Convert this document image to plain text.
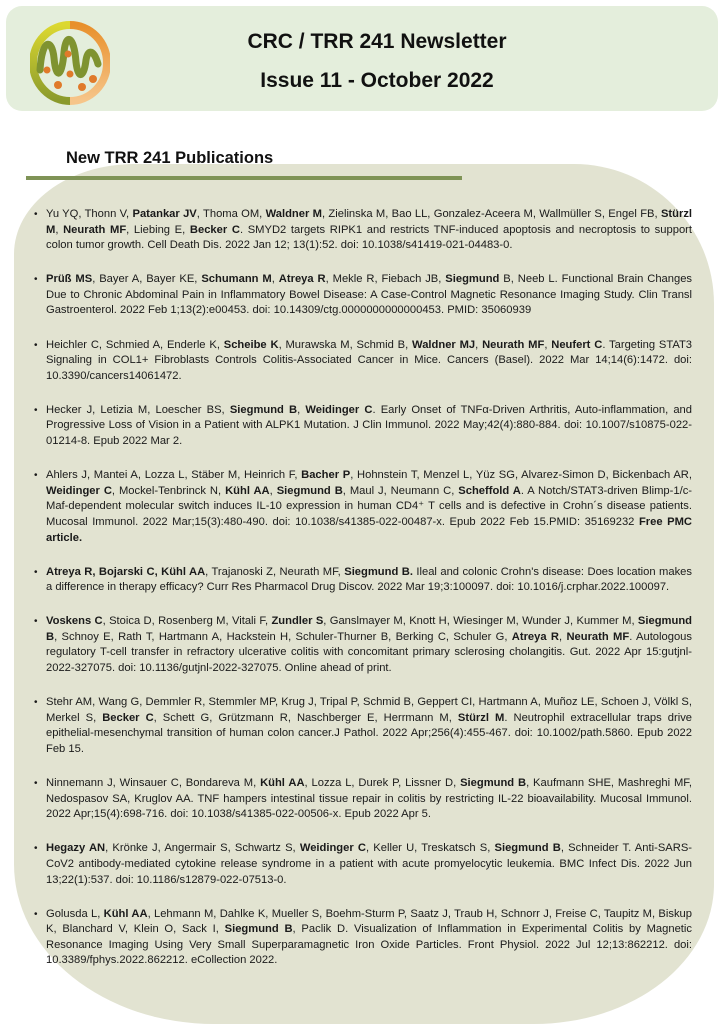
CRC / TRR 241 Newsletter
Issue 11 - October 2022
New TRR 241 Publications
• Yu YQ, Thonn V, Patankar JV, Thoma OM, Waldner M, Zielinska M, Bao LL, Gonzalez-Aceera M, Wallmüller S, Engel FB, Stürzl M, Neurath MF, Liebing E, Becker C. SMYD2 targets RIPK1 and restricts TNF-induced apoptosis and necroptosis to support colon tumor growth. Cell Death Dis. 2022 Jan 12; 13(1):52. doi: 10.1038/s41419-021-04483-0.
• Prüß MS, Bayer A, Bayer KE, Schumann M, Atreya R, Mekle R, Fiebach JB, Siegmund B, Neeb L. Functional Brain Changes Due to Chronic Abdominal Pain in Inflammatory Bowel Disease: A Case-Control Magnetic Resonance Imaging Study. Clin Transl Gastroenterol. 2022 Feb 1;13(2):e00453. doi: 10.14309/ctg.0000000000000453. PMID: 35060939
• Heichler C, Schmied A, Enderle K, Scheibe K, Murawska M, Schmid B, Waldner MJ, Neurath MF, Neufert C. Targeting STAT3 Signaling in COL1+ Fibroblasts Controls Colitis-Associated Cancer in Mice. Cancers (Basel). 2022 Mar 14;14(6):1472. doi: 10.3390/cancers14061472.
• Hecker J, Letizia M, Loescher BS, Siegmund B, Weidinger C. Early Onset of TNFα-Driven Arthritis, Auto-inflammation, and Progressive Loss of Vision in a Patient with ALPK1 Mutation. J Clin Immunol. 2022 May;42(4):880-884. doi: 10.1007/s10875-022-01214-8. Epub 2022 Mar 2.
• Ahlers J, Mantei A, Lozza L, Stäber M, Heinrich F, Bacher P, Hohnstein T, Menzel L, Yüz SG, Alvarez-Simon D, Bickenbach AR, Weidinger C, Mockel-Tenbrinck N, Kühl AA, Siegmund B, Maul J, Neumann C, Scheffold A. A Notch/STAT3-driven Blimp-1/c-Maf-dependent molecular switch induces IL-10 expression in human CD4⁺ T cells and is defective in Crohn´s disease patients. Mucosal Immunol. 2022 Mar;15(3):480-490. doi: 10.1038/s41385-022-00487-x. Epub 2022 Feb 15.PMID: 35169232 Free PMC article.
• Atreya R, Bojarski C, Kühl AA, Trajanoski Z, Neurath MF, Siegmund B. Ileal and colonic Crohn's disease: Does location makes a difference in therapy efficacy? Curr Res Pharmacol Drug Discov. 2022 Mar 19;3:100097. doi: 10.1016/j.crphar.2022.100097.
• Voskens C, Stoica D, Rosenberg M, Vitali F, Zundler S, Ganslmayer M, Knott H, Wiesinger M, Wunder J, Kummer M, Siegmund B, Schnoy E, Rath T, Hartmann A, Hackstein H, Schuler-Thurner B, Berking C, Schuler G, Atreya R, Neurath MF. Autologous regulatory T-cell transfer in refractory ulcerative colitis with concomitant primary sclerosing cholangitis. Gut. 2022 Apr 15:gutjnl-2022-327075. doi: 10.1136/gutjnl-2022-327075. Online ahead of print.
• Stehr AM, Wang G, Demmler R, Stemmler MP, Krug J, Tripal P, Schmid B, Geppert CI, Hartmann A, Muñoz LE, Schoen J, Völkl S, Merkel S, Becker C, Schett G, Grützmann R, Naschberger E, Herrmann M, Stürzl M. Neutrophil extracellular traps drive epithelial-mesenchymal transition of human colon cancer.J Pathol. 2022 Apr;256(4):455-467. doi: 10.1002/path.5860. Epub 2022 Feb 15.
• Ninnemann J, Winsauer C, Bondareva M, Kühl AA, Lozza L, Durek P, Lissner D, Siegmund B, Kaufmann SHE, Mashreghi MF, Nedospasov SA, Kruglov AA. TNF hampers intestinal tissue repair in colitis by restricting IL-22 bioavailability. Mucosal Immunol. 2022 Apr;15(4):698-716. doi: 10.1038/s41385-022-00506-x. Epub 2022 Apr 5.
• Hegazy AN, Krönke J, Angermair S, Schwartz S, Weidinger C, Keller U, Treskatsch S, Siegmund B, Schneider T. Anti-SARS-CoV2 antibody-mediated cytokine release syndrome in a patient with acute promyelocytic leukemia. BMC Infect Dis. 2022 Jun 13;22(1):537. doi: 10.1186/s12879-022-07513-0.
• Golusda L, Kühl AA, Lehmann M, Dahlke K, Mueller S, Boehm-Sturm P, Saatz J, Traub H, Schnorr J, Freise C, Taupitz M, Biskup K, Blanchard V, Klein O, Sack I, Siegmund B, Paclik D. Visualization of Inflammation in Experimental Colitis by Magnetic Resonance Imaging Using Very Small Superparamagnetic Iron Oxide Particles. Front Physiol. 2022 Jul 12;13:862212. doi: 10.3389/fphys.2022.862212. eCollection 2022.
